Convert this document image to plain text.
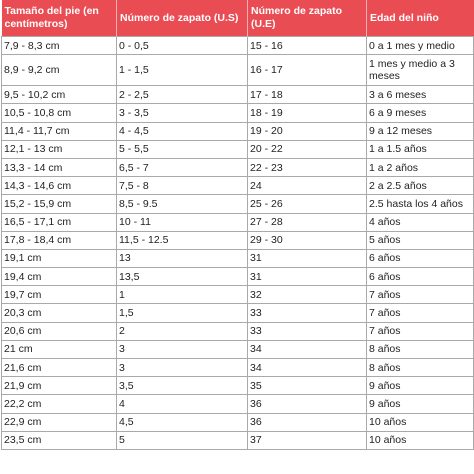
Tamaño del pie (en centímetros)	Número de zapato (U.S)	Número de zapato (U.E)	Edad del niño
7,9 - 8,3 cm	0 - 0,5	15 - 16	0 a 1 mes y medio
8,9 - 9,2 cm	1 - 1,5	16 - 17	1 mes y medio a 3 meses
9,5 - 10,2 cm	2 - 2,5	17 - 18	3 a 6 meses
10,5 - 10,8 cm	3 - 3,5	18 - 19	6 a 9 meses
11,4 - 11,7 cm	4 - 4,5	19 - 20	9 a 12 meses
12,1 - 13 cm	5 - 5,5	20 - 22	1 a 1.5 años
13,3 - 14 cm	6,5 - 7	22 - 23	1 a 2 años
14,3 - 14,6 cm	7,5 - 8	24	2 a 2.5 años
15,2 - 15,9 cm	8,5 - 9.5	25 - 26	2.5 hasta los 4 años
16,5 - 17,1 cm	10 - 11	27 - 28	4 años
17,8 - 18,4 cm	11,5 - 12.5	29 - 30	5 años
19,1 cm	13	31	6 años
19,4 cm	13,5	31	6 años
19,7 cm	1	32	7 años
20,3 cm	1,5	33	7 años
20,6 cm	2	33	7 años
21 cm	3	34	8 años
21,6 cm	3	34	8 años
21,9 cm	3,5	35	9 años
22,2 cm	4	36	9 años
22,9 cm	4,5	36	10 años
23,5 cm	5	37	10 años
